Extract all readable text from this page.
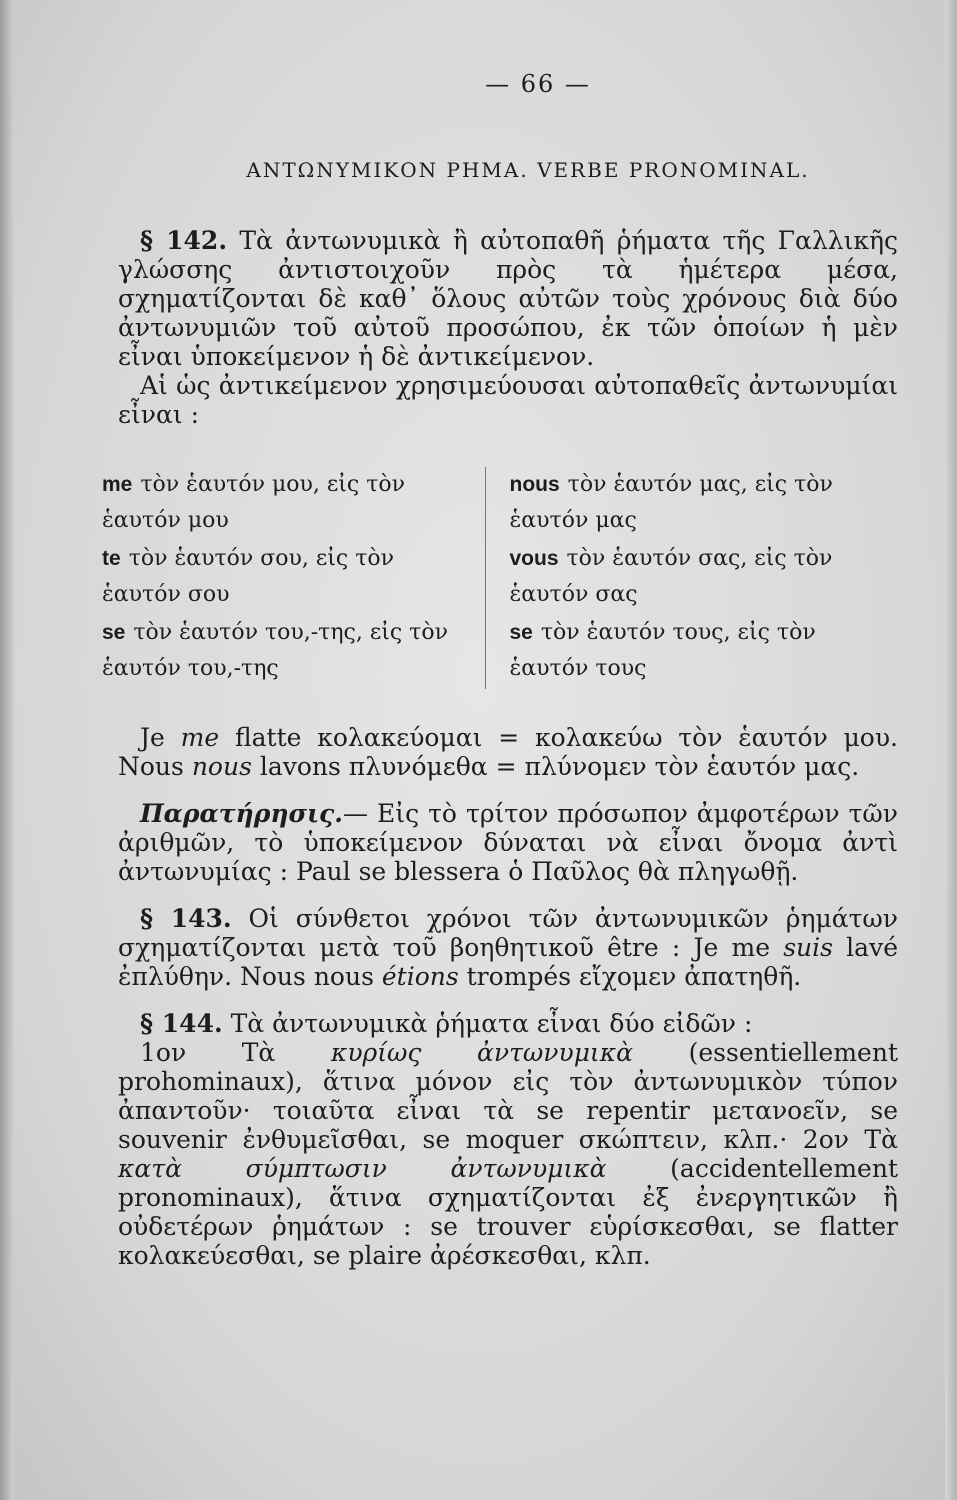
— 66 —
ΑΝΤΩΝΥΜΙΚΟΝ ΡΗΜΑ. VERBE PRONOMINAL.

§ 142. Τὰ ἀντωνυμικὰ ἢ αὐτοπαθῆ ῥήματα τῆς Γαλλικῆς γλώσσης ἀντιστοιχοῦν πρὸς τὰ ἡμέτερα μέσα, σχηματίζονται δὲ καθ᾽ ὅλους αὐτῶν τοὺς χρόνους διὰ δύο ἀντωνυμιῶν τοῦ αὐτοῦ προσώπου, ἐκ τῶν ὁποίων ἡ μὲν εἶναι ὑποκείμενον ἡ δὲ ἀντικείμενον.

Αἱ ὡς ἀντικείμενον χρησιμεύουσαι αὐτοπαθεῖς ἀντωνυμίαι εἶναι :

me τὸν ἑαυτόν μου, εἰς τὸν ἑαυτόν μου
te τὸν ἑαυτόν σου, εἰς τὸν ἑαυτόν σου
se τὸν ἑαυτόν του,-της, εἰς τὸν ἑαυτόν του,-της
nous τὸν ἑαυτόν μας, εἰς τὸν ἑαυτόν μας
vous τὸν ἑαυτόν σας, εἰς τὸν ἑαυτόν σας
se τὸν ἑαυτόν τους, εἰς τὸν ἑαυτόν τους

Je me flatte κολακεύομαι = κολακεύω τὸν ἑαυτόν μου. Nous nous lavons πλυνόμεθα = πλύνομεν τὸν ἑαυτόν μας.

Παρατήρησις.— Εἰς τὸ τρίτον πρόσωπον ἀμφοτέρων τῶν ἀριθμῶν, τὸ ὑποκείμενον δύναται νὰ εἶναι ὄνομα ἀντὶ ἀντωνυμίας : Paul se blessera ὁ Παῦλος θὰ πληγωθῇ.

§ 143. Οἱ σύνθετοι χρόνοι τῶν ἀντωνυμικῶν ῥημάτων σχηματίζονται μετὰ τοῦ βοηθητικοῦ être : Je me suis lavé ἐπλύθην. Nous nous étions trompés εἴχομεν ἀπατηθῆ.

§ 144. Τὰ ἀντωνυμικὰ ῥήματα εἶναι δύο εἰδῶν :

1ον Τὰ κυρίως ἀντωνυμικὰ (essentiellement prohominaux), ἅτινα μόνον εἰς τὸν ἀντωνυμικὸν τύπον ἀπαντοῦν· τοιαῦτα εἶναι τὰ se repentir μετανοεῖν, se souvenir ἐνθυμεῖσθαι, se moquer σκώπτειν, κλπ.· 2ον Τὰ κατὰ σύμπτωσιν ἀντωνυμικὰ	(accidentellement pronominaux), ἅτινα σχηματίζονται ἐξ ἐνεργητικῶν ἢ οὐδετέρων ῥημάτων : se trouver εὑρίσκεσθαι, se flatter κολακεύεσθαι, se plaire ἀρέσκεσθαι, κλπ.
